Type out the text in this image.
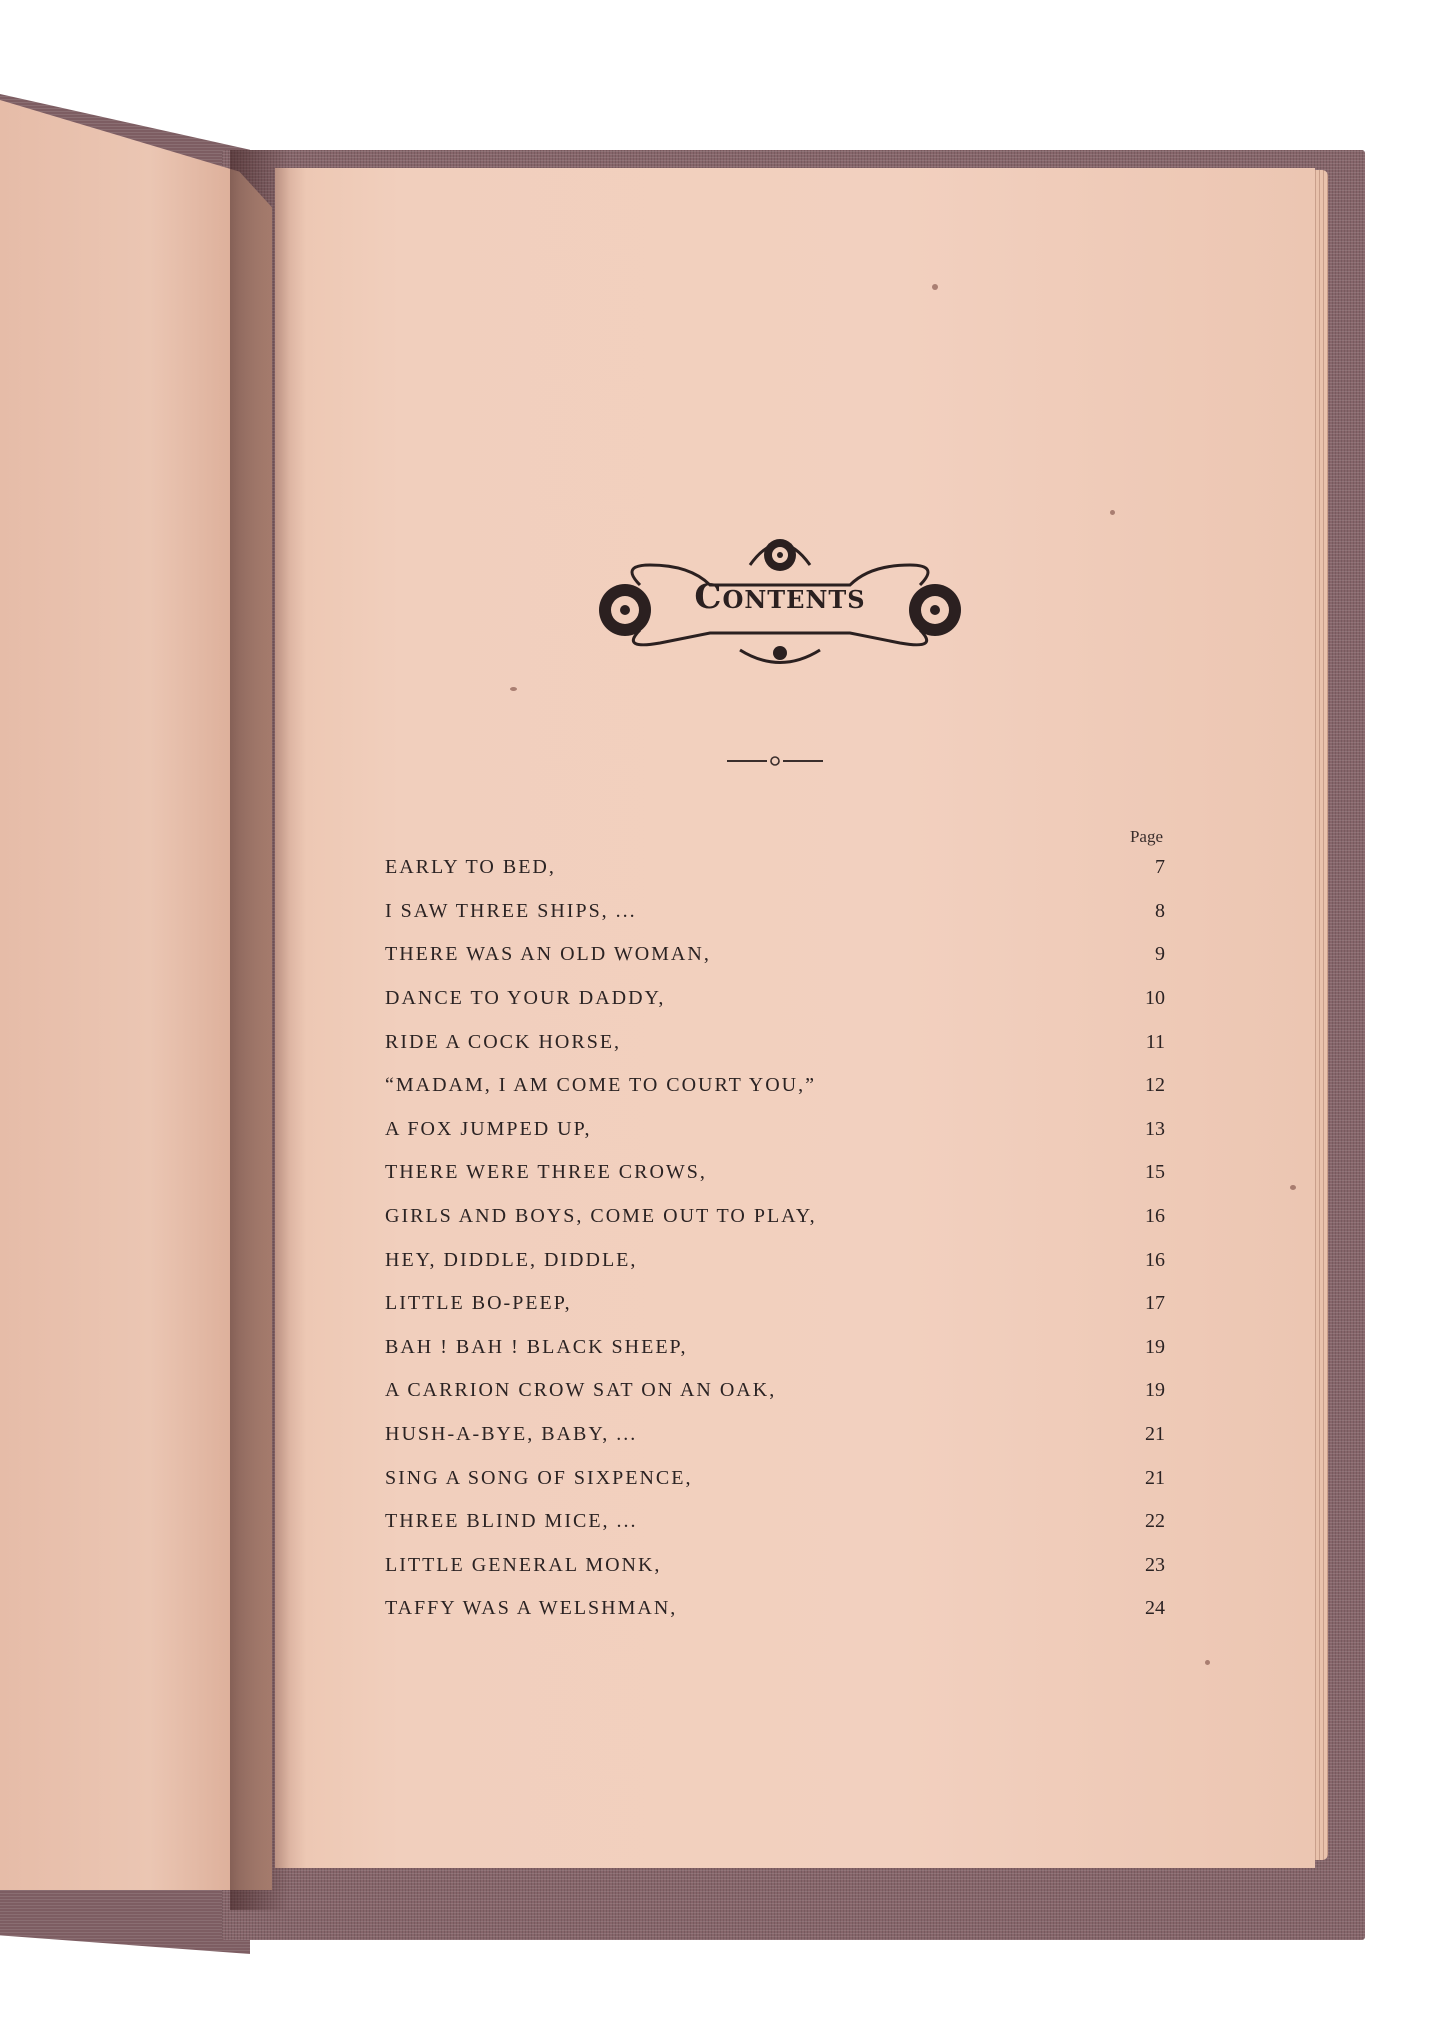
Contents
Page
EARLY TO BED,	7
I SAW THREE SHIPS, ...	8
THERE WAS AN OLD WOMAN,	9
DANCE TO YOUR DADDY,	10
RIDE A COCK HORSE,	11
“MADAM, I AM COME TO COURT YOU,”	12
A FOX JUMPED UP,	13
THERE WERE THREE CROWS,	15
GIRLS AND BOYS, COME OUT TO PLAY,	16
HEY, DIDDLE, DIDDLE,	16
LITTLE BO-PEEP,	17
BAH ! BAH ! BLACK SHEEP,	19
A CARRION CROW SAT ON AN OAK,	19
HUSH-A-BYE, BABY, ...	21
SING A SONG OF SIXPENCE,	21
THREE BLIND MICE, ...	22
LITTLE GENERAL MONK,	23
TAFFY WAS A WELSHMAN,	24
